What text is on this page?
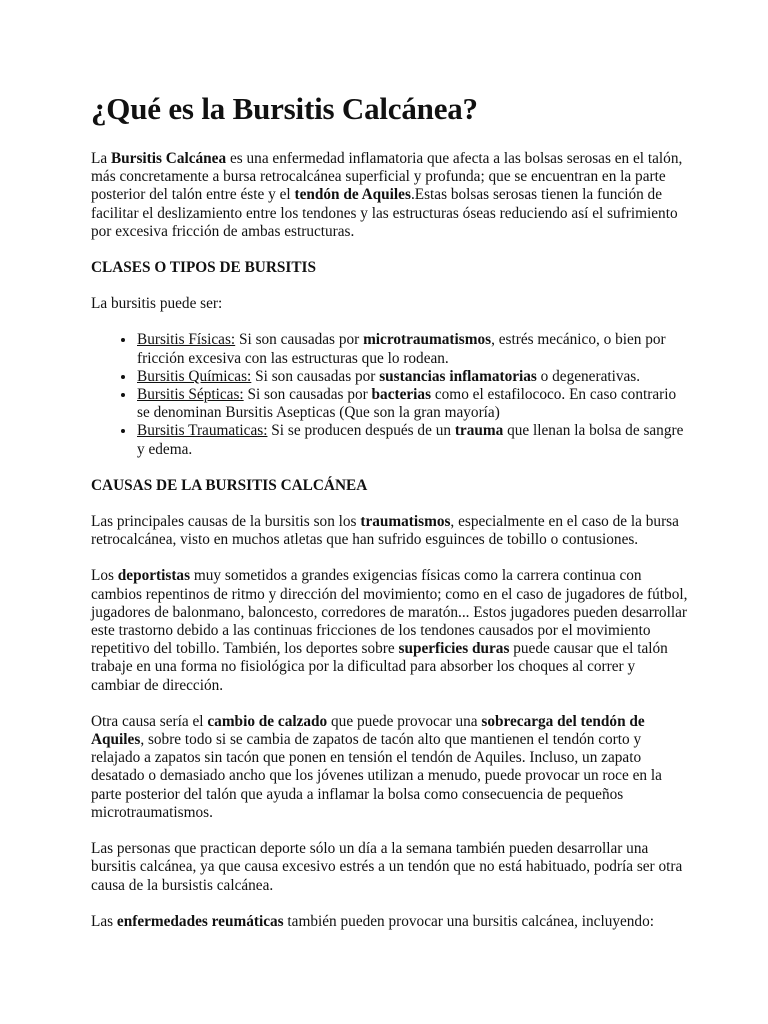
¿Qué es la Bursitis Calcánea?

La Bursitis Calcánea es una enfermedad inflamatoria que afecta a las bolsas serosas en el talón, más concretamente a bursa retrocalcánea superficial y profunda; que se encuentran en la parte posterior del talón entre éste y el tendón de Aquiles.Estas bolsas serosas tienen la función de facilitar el deslizamiento entre los tendones y las estructuras óseas reduciendo así el sufrimiento por excesiva fricción de ambas estructuras.

CLASES O TIPOS DE BURSITIS

La bursitis puede ser:

• Bursitis Físicas: Si son causadas por microtraumatismos, estrés mecánico, o bien por fricción excesiva con las estructuras que lo rodean.
• Bursitis Químicas: Si son causadas por sustancias inflamatorias o degenerativas.
• Bursitis Sépticas: Si son causadas por bacterias como el estafilococo. En caso contrario se denominan Bursitis Asepticas (Que son la gran mayoría)
• Bursitis Traumaticas: Si se producen después de un trauma que llenan la bolsa de sangre y edema.
CAUSAS DE LA BURSITIS CALCÁNEA

Las principales causas de la bursitis son los traumatismos, especialmente en el caso de la bursa retrocalcánea, visto en muchos atletas que han sufrido esguinces de tobillo o contusiones.

Los deportistas muy sometidos a grandes exigencias físicas como la carrera continua con cambios repentinos de ritmo y dirección del movimiento; como en el caso de jugadores de fútbol, jugadores de balonmano, baloncesto, corredores de maratón... Estos jugadores pueden desarrollar este trastorno debido a las continuas fricciones de los tendones causados por el movimiento repetitivo del tobillo. También, los deportes sobre superficies duras puede causar que el talón trabaje en una forma no fisiológica por la dificultad para absorber los choques al correr y cambiar de dirección.

Otra causa sería el cambio de calzado que puede provocar una sobrecarga del tendón de Aquiles, sobre todo si se cambia de zapatos de tacón alto que mantienen el tendón corto y relajado a zapatos sin tacón que ponen en tensión el tendón de Aquiles. Incluso, un zapato desatado o demasiado ancho que los jóvenes utilizan a menudo, puede provocar un roce en la parte posterior del talón que ayuda a inflamar la bolsa como consecuencia de pequeños microtraumatismos.

Las personas que practican deporte sólo un día a la semana también pueden desarrollar una bursitis calcánea, ya que causa excesivo estrés a un tendón que no está habituado, podría ser otra causa de la bursistis calcánea.

Las enfermedades reumáticas también pueden provocar una bursitis calcánea, incluyendo:
